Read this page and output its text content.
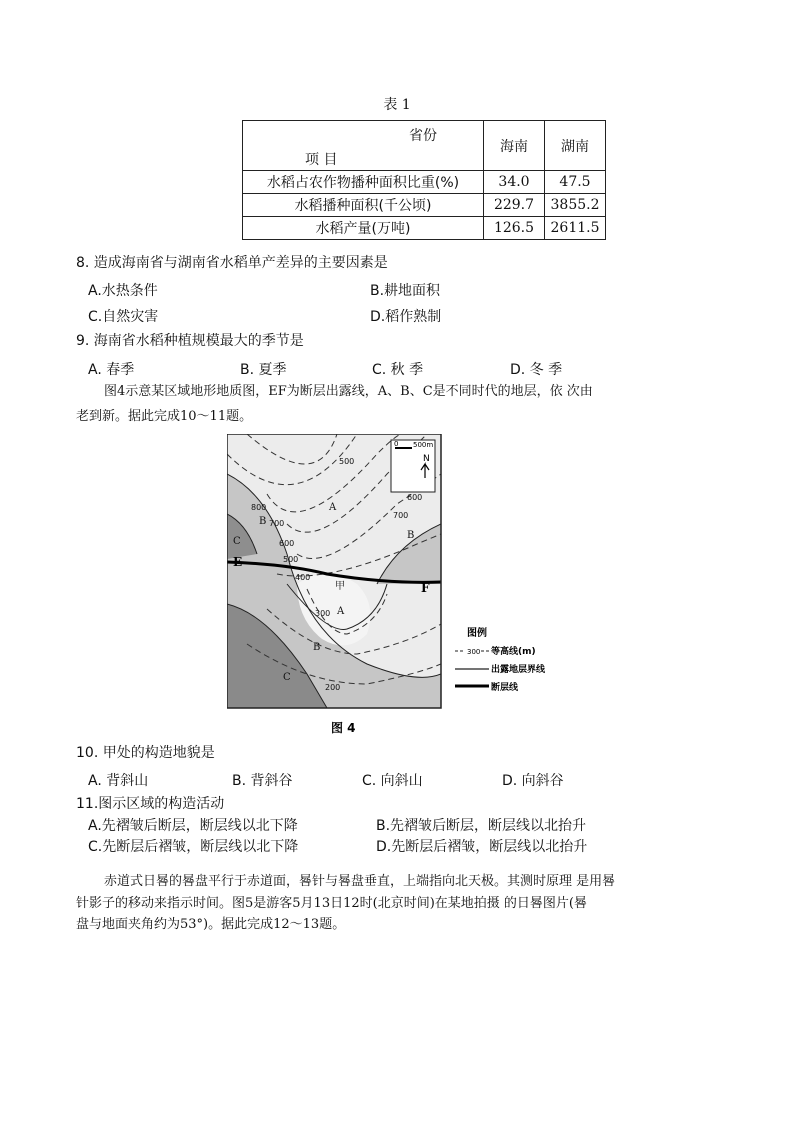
表 1
省份
项 目	海南	湖南
水稻占农作物播种面积比重(%)	34.0	47.5
水稻播种面积(千公顷)	229.7	3855.2
水稻产量(万吨)	126.5	2611.5
8. 造成海南省与湖南省水稻单产差异的主要因素是
A.水热条件	B.耕地面积
C.自然灾害	D.稻作熟制
9. 海南省水稻种植规模最大的季节是
A. 春季	B. 夏季	C. 秋 季	D. 冬 季
图4示意某区域地形地质图，EF为断层出露线，A、B、C是不同时代的地层，依 次由
老到新。据此完成10～11题。
0 500m
N
500
800
700
600
500
400
300
200
600
700
A
B
C
B
A
B
C
甲
E
F
图例
300 等高线(m)
出露地层界线
断层线
图 4
10. 甲处的构造地貌是
A. 背斜山	B. 背斜谷	C. 向斜山	D. 向斜谷
11.图示区域的构造活动
A.先褶皱后断层，断层线以北下降	B.先褶皱后断层，断层线以北抬升
C.先断层后褶皱，断层线以北下降	D.先断层后褶皱，断层线以北抬升
赤道式日晷的晷盘平行于赤道面，晷针与晷盘垂直，上端指向北天极。其测时原理 是用晷
针影子的移动来指示时间。图5是游客5月13日12时(北京时间)在某地拍摄 的日晷图片(晷
盘与地面夹角约为53°)。据此完成12～13题。
